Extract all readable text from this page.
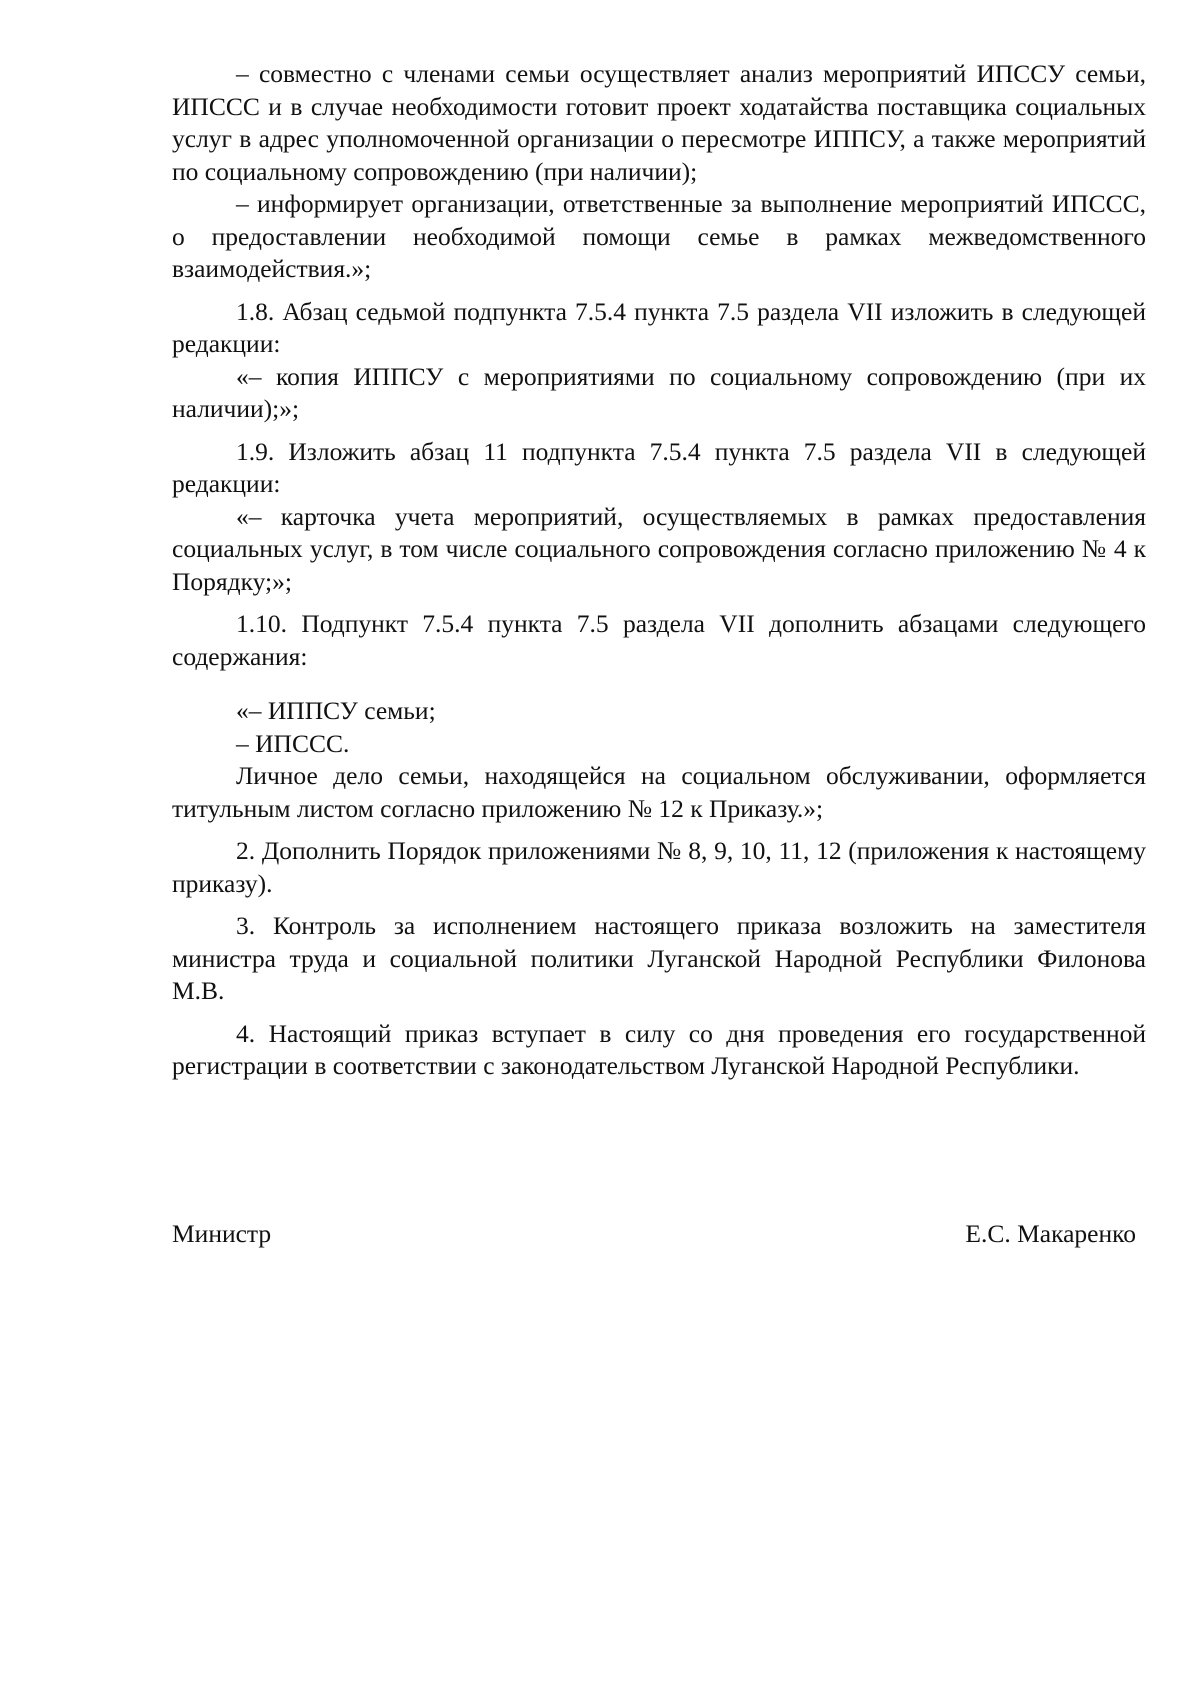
– совместно с членами семьи осуществляет анализ мероприятий ИПССУ семьи, ИПССС и в случае необходимости готовит проект ходатайства поставщика социальных услуг в адрес уполномоченной организации о пересмотре ИППСУ, а также мероприятий по социальному сопровождению (при наличии);

– информирует организации, ответственные за выполнение мероприятий ИПССС, о предоставлении необходимой помощи семье в рамках межведомственного взаимодействия.»;

1.8. Абзац седьмой подпункта 7.5.4 пункта 7.5 раздела VII изложить в следующей редакции:

«– копия ИППСУ с мероприятиями по социальному сопровождению (при их наличии);»;

1.9. Изложить абзац 11 подпункта 7.5.4 пункта 7.5 раздела VII в следующей редакции:

«– карточка учета мероприятий, осуществляемых в рамках предоставления социальных услуг, в том числе социального сопровождения согласно приложению № 4 к Порядку;»;

1.10. Подпункт 7.5.4 пункта 7.5 раздела VII дополнить абзацами следующего содержания:

«– ИППСУ семьи;

– ИПССС.

Личное дело семьи, находящейся на социальном обслуживании, оформляется титульным листом согласно приложению № 12 к Приказу.»;

2. Дополнить Порядок приложениями № 8, 9, 10, 11, 12 (приложения к настоящему приказу).

3. Контроль за исполнением настоящего приказа возложить на заместителя министра труда и социальной политики Луганской Народной Республики Филонова М.В.

4. Настоящий приказ вступает в силу со дня проведения его государственной регистрации в соответствии с законодательством Луганской Народной Республики.

Министр	Е.С. Макаренко
